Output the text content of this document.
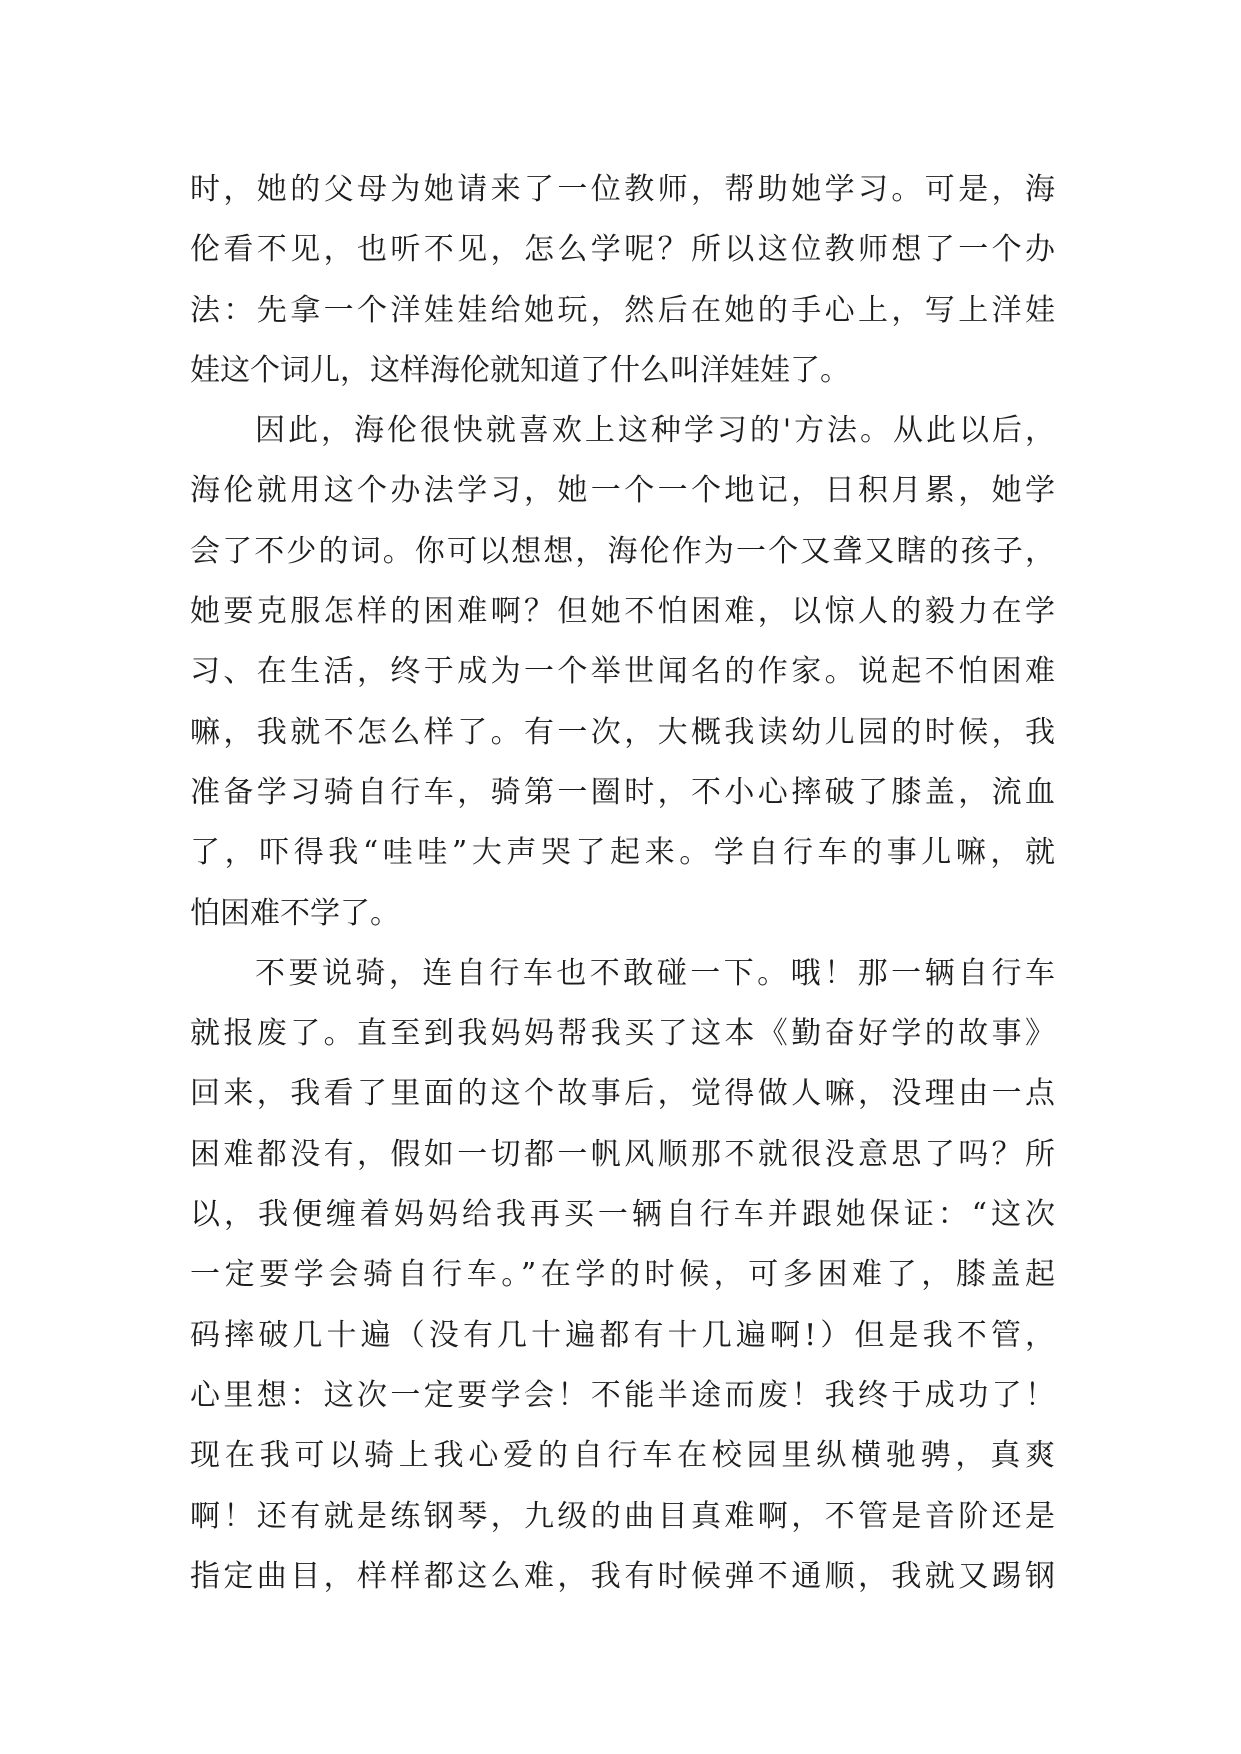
时，她的父母为她请来了一位教师，帮助她学习。可是，海
伦看不见，也听不见，怎么学呢？所以这位教师想了一个办
法：先拿一个洋娃娃给她玩，然后在她的手心上，写上洋娃
娃这个词儿，这样海伦就知道了什么叫洋娃娃了。
因此，海伦很快就喜欢上这种学习的'方法。从此以后，
海伦就用这个办法学习，她一个一个地记，日积月累，她学
会了不少的词。你可以想想，海伦作为一个又聋又瞎的孩子，
她要克服怎样的困难啊？但她不怕困难，以惊人的毅力在学
习、在生活，终于成为一个举世闻名的作家。说起不怕困难
嘛，我就不怎么样了。有一次，大概我读幼儿园的时候，我
准备学习骑自行车，骑第一圈时，不小心摔破了膝盖，流血
了，吓得我“哇哇”大声哭了起来。学自行车的事儿嘛，就
怕困难不学了。
不要说骑，连自行车也不敢碰一下。哦！那一辆自行车
就报废了。直至到我妈妈帮我买了这本《勤奋好学的故事》
回来，我看了里面的这个故事后，觉得做人嘛，没理由一点
困难都没有，假如一切都一帆风顺那不就很没意思了吗？所
以，我便缠着妈妈给我再买一辆自行车并跟她保证：“这次
一定要学会骑自行车。”在学的时候，可多困难了，膝盖起
码摔破几十遍（没有几十遍都有十几遍啊!）但是我不管，
心里想：这次一定要学会！不能半途而废！我终于成功了！
现在我可以骑上我心爱的自行车在校园里纵横驰骋，真爽
啊！还有就是练钢琴，九级的曲目真难啊，不管是音阶还是
指定曲目，样样都这么难，我有时候弹不通顺，我就又踢钢
